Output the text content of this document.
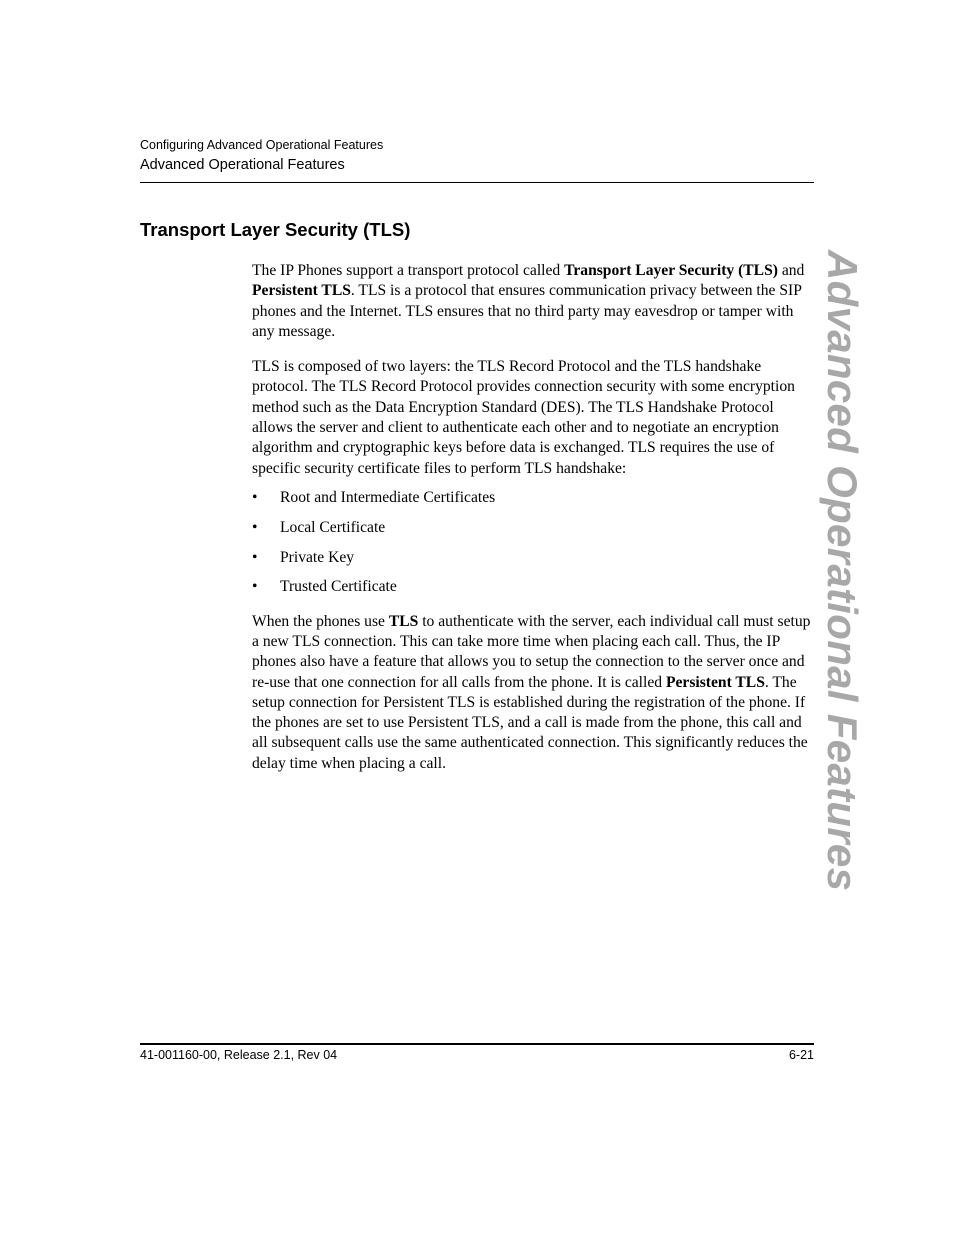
Configuring Advanced Operational Features
Advanced Operational Features
Transport Layer Security (TLS)

The IP Phones support a transport protocol called Transport Layer Security (TLS) and Persistent TLS. TLS is a protocol that ensures communication privacy between the SIP phones and the Internet. TLS ensures that no third party may eavesdrop or tamper with any message.

TLS is composed of two layers: the TLS Record Protocol and the TLS handshake protocol. The TLS Record Protocol provides connection security with some encryption method such as the Data Encryption Standard (DES). The TLS Handshake Protocol allows the server and client to authenticate each other and to negotiate an encryption algorithm and cryptographic keys before data is exchanged. TLS requires the use of specific security certificate files to perform TLS handshake:

• Root and Intermediate Certificates
• Local Certificate
• Private Key
• Trusted Certificate

When the phones use TLS to authenticate with the server, each individual call must setup a new TLS connection. This can take more time when placing each call. Thus, the IP phones also have a feature that allows you to setup the connection to the server once and re-use that one connection for all calls from the phone. It is called Persistent TLS. The setup connection for Persistent TLS is established during the registration of the phone. If the phones are set to use Persistent TLS, and a call is made from the phone, this call and all subsequent calls use the same authenticated connection. This significantly reduces the delay time when placing a call.	Advanced Operational Features
41-001160-00, Release 2.1, Rev 04	6-21
